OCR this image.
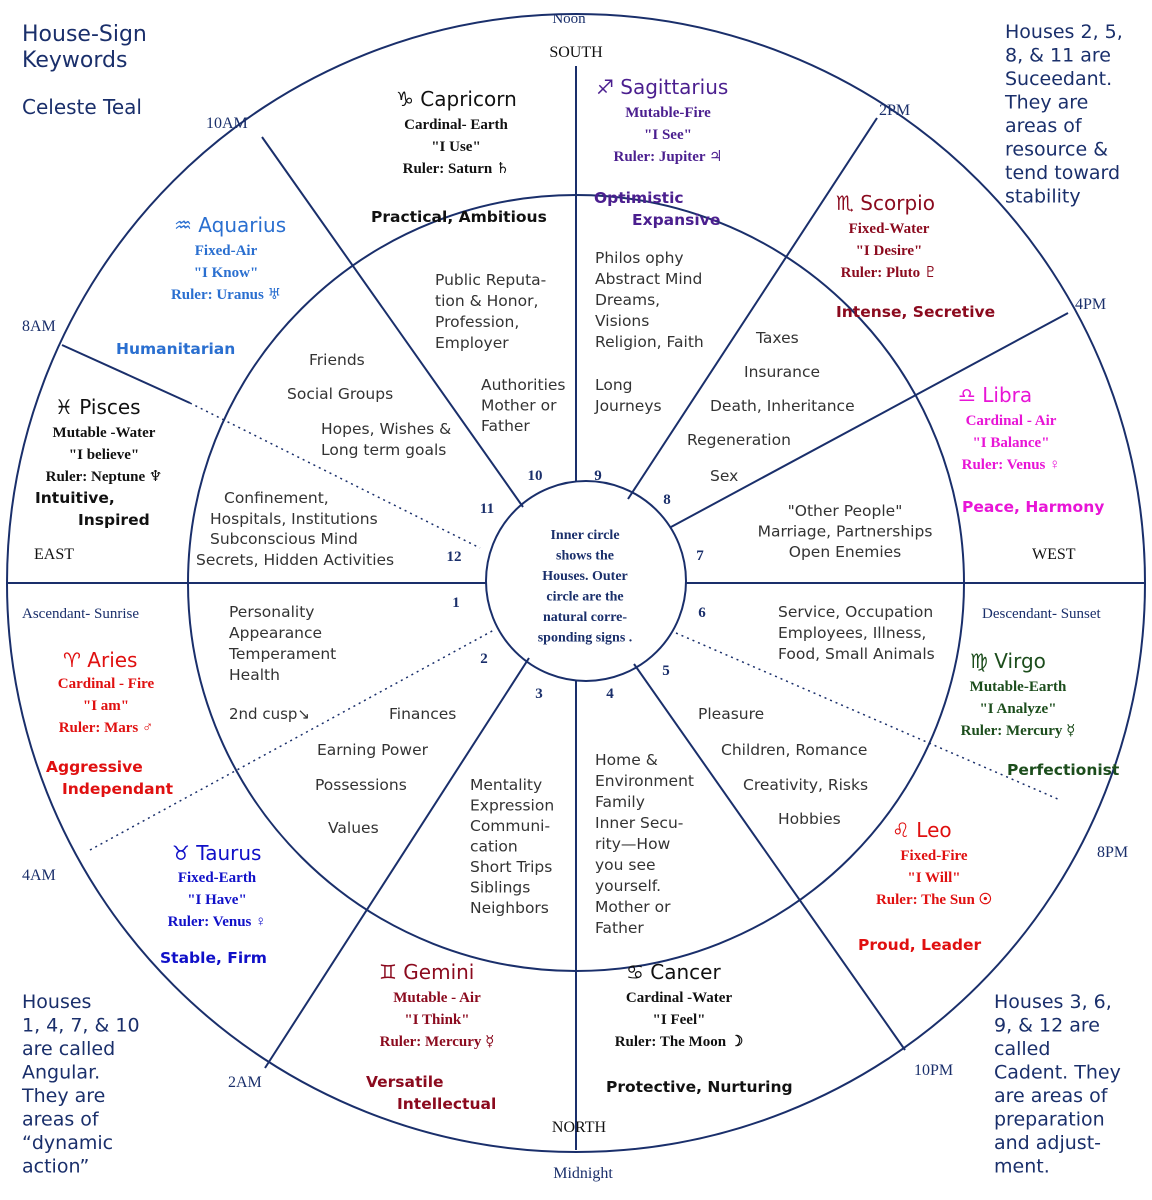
House-Sign
Keywords
Celeste Teal
Houses 2, 5,
8, & 11 are
Suceedant.
They are
areas of
resource &
tend toward
stability
Houses
1, 4, 7, & 10
are called
Angular.
They are
areas of
“dynamic
action”
Houses 3, 6,
9, & 12 are
called
Cadent. They
are areas of
preparation
and adjust-
ment.
Noon
SOUTH
NORTH
Midnight
EAST	WEST
Ascendant- Sunrise	Descendant- Sunset
10AM
2PM
8AM
4PM
4AM
8PM
2AM
10PM
Inner circle
shows the
Houses. Outer
circle are the
natural corre-
sponding signs .
1
2
3	4
5
6
7
8
9
10
11
12
Public Reputa-
tion & Honor,
Profession,
Employer
Authorities
Mother or
Father
Philos ophy
Abstract Mind
Dreams,
Visions
Religion, Faith
Long
Journeys
Taxes
Insurance
Death, Inheritance
Regeneration
Sex
"Other People"
Marriage, Partnerships
Open Enemies
Friends
Social Groups
Hopes, Wishes &
Long term goals
Confinement,
Hospitals, Institutions
Subconscious Mind
Secrets, Hidden Activities
Personality
Appearance
Temperament
Health
2nd cusp↘	Finances
Earning Power
Possessions
Values
Mentality
Expression
Communi-
cation
Short Trips
Siblings
Neighbors
Home &
Environment
Family
Inner Secu-
rity—How
you see
yourself.
Mother or
Father
Pleasure
Children, Romance
Creativity, Risks
Hobbies
Service, Occupation
Employees, Illness,
Food, Small Animals
♑ Capricorn
Cardinal- Earth
"I Use"
Ruler: Saturn ♄
Practical, Ambitious
♐ Sagittarius
Mutable-Fire
"I See"
Ruler: Jupiter ♃
Optimistic
Expansive
♏ Scorpio
Fixed-Water
"I Desire"
Ruler: Pluto ♇
Intense, Secretive
♎ Libra
Cardinal - Air
"I Balance"
Ruler: Venus ♀
Peace, Harmony
♍ Virgo
Mutable-Earth
"I Analyze"
Ruler: Mercury ☿
Perfectionist
♌ Leo
Fixed-Fire
"I Will"
Ruler: The Sun ☉
Proud, Leader
♋ Cancer
Cardinal -Water
"I Feel"
Ruler: The Moon ☽
Protective, Nurturing
♊ Gemini
Mutable - Air
"I Think"
Ruler: Mercury ☿
Versatile
Intellectual
♉ Taurus
Fixed-Earth
"I Have"
Ruler: Venus ♀
Stable, Firm
♈ Aries
Cardinal - Fire
"I am"
Ruler: Mars ♂
Aggressive
Independant
♓ Pisces
Mutable -Water
"I believe"
Ruler: Neptune ♆
Intuitive,
Inspired
♒ Aquarius
Fixed-Air
"I Know"
Ruler: Uranus ♅
Humanitarian
